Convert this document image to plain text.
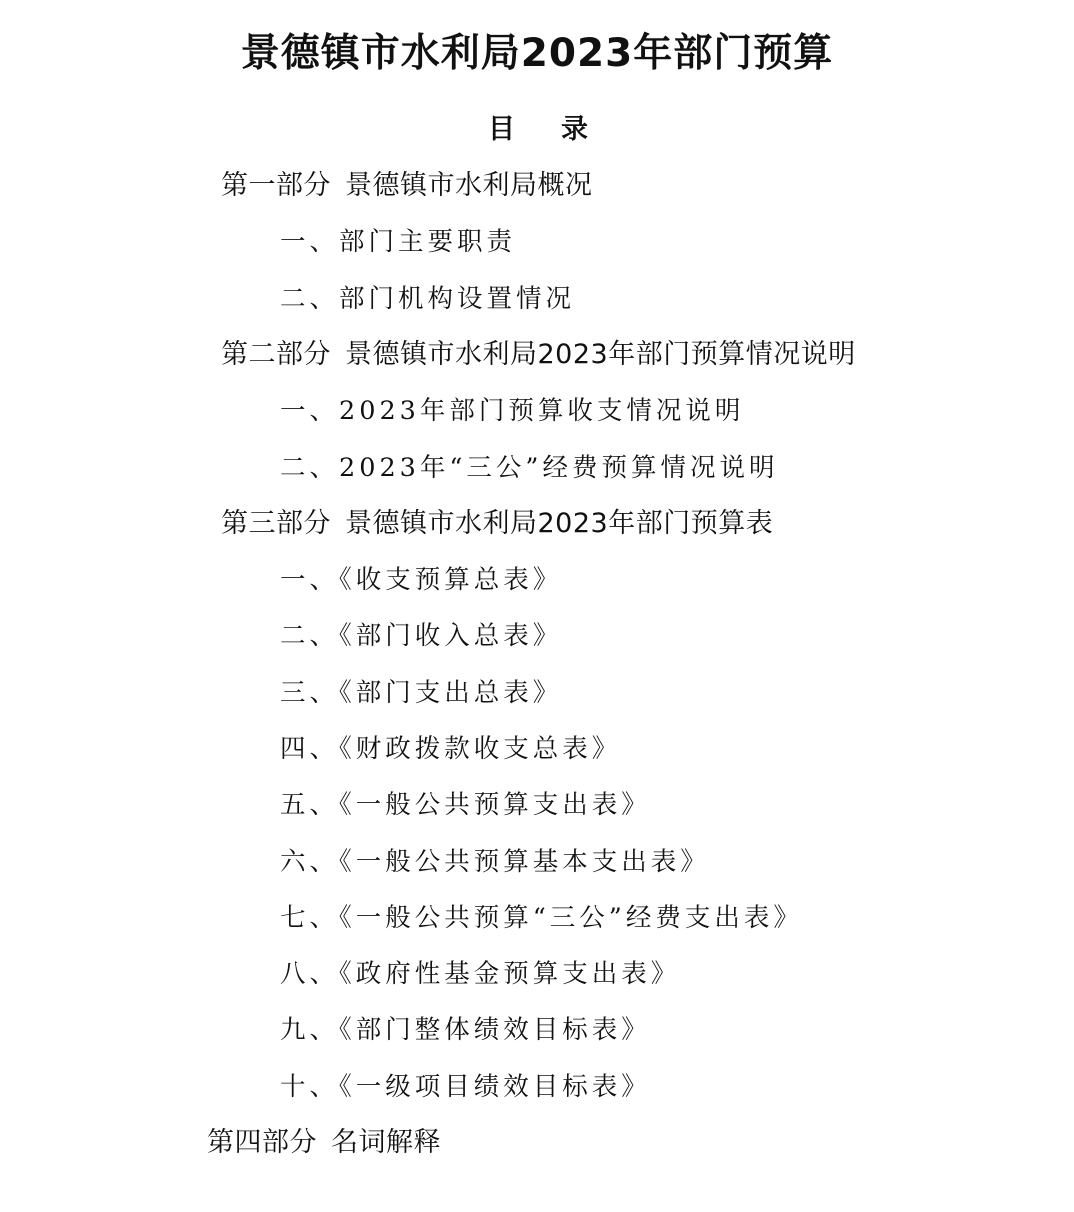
景德镇市水利局2023年部门预算
目录
第一部分 景德镇市水利局概况
一、部门主要职责
二、部门机构设置情况
第二部分 景德镇市水利局2023年部门预算情况说明
一、2023年部门预算收支情况说明
二、2023年“三公”经费预算情况说明
第三部分 景德镇市水利局2023年部门预算表
一、《收支预算总表》
二、《部门收入总表》
三、《部门支出总表》
四、《财政拨款收支总表》
五、《一般公共预算支出表》
六、《一般公共预算基本支出表》
七、《一般公共预算“三公”经费支出表》
八、《政府性基金预算支出表》
九、《部门整体绩效目标表》
十、《一级项目绩效目标表》
第四部分 名词解释
